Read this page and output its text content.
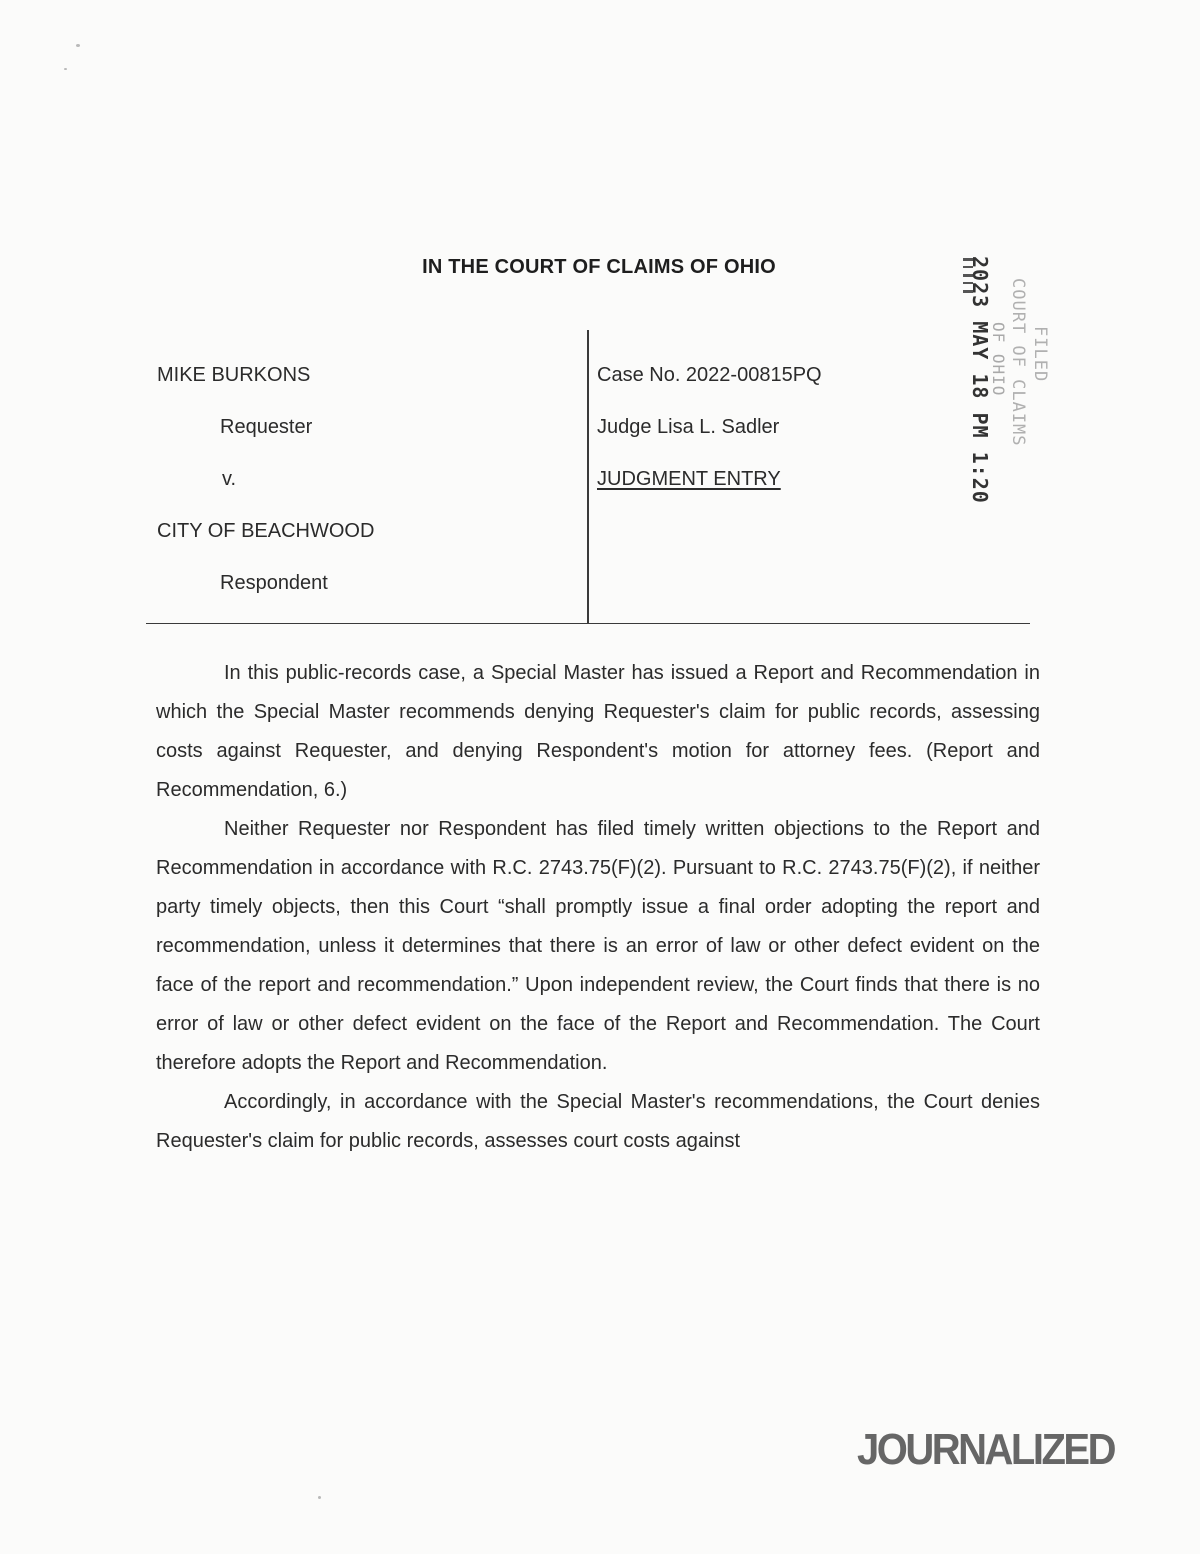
IN THE COURT OF CLAIMS OF OHIO
MIKE BURKONS
Requester
v.
CITY OF BEACHWOOD
Respondent
Case No. 2022-00815PQ
Judge Lisa L. Sadler
JUDGMENT ENTRY	2023 MAY 18 PM 1:20 FILED
COURT OF CLAIMS
OF OHIO

In this public-records case, a Special Master has issued a Report and Recommendation in which the Special Master recommends denying Requester's claim for public records, assessing costs against Requester, and denying Respondent's motion for attorney fees. (Report and Recommendation, 6.)

Neither Requester nor Respondent has filed timely written objections to the Report and Recommendation in accordance with R.C. 2743.75(F)(2). Pursuant to R.C. 2743.75(F)(2), if neither party timely objects, then this Court “shall promptly issue a final order adopting the report and recommendation, unless it determines that there is an error of law or other defect evident on the face of the report and recommendation.” Upon independent review, the Court finds that there is no error of law or other defect evident on the face of the Report and Recommendation. The Court therefore adopts the Report and Recommendation.

Accordingly, in accordance with the Special Master's recommendations, the Court denies Requester's claim for public records, assesses court costs against

JOURNALIZED
